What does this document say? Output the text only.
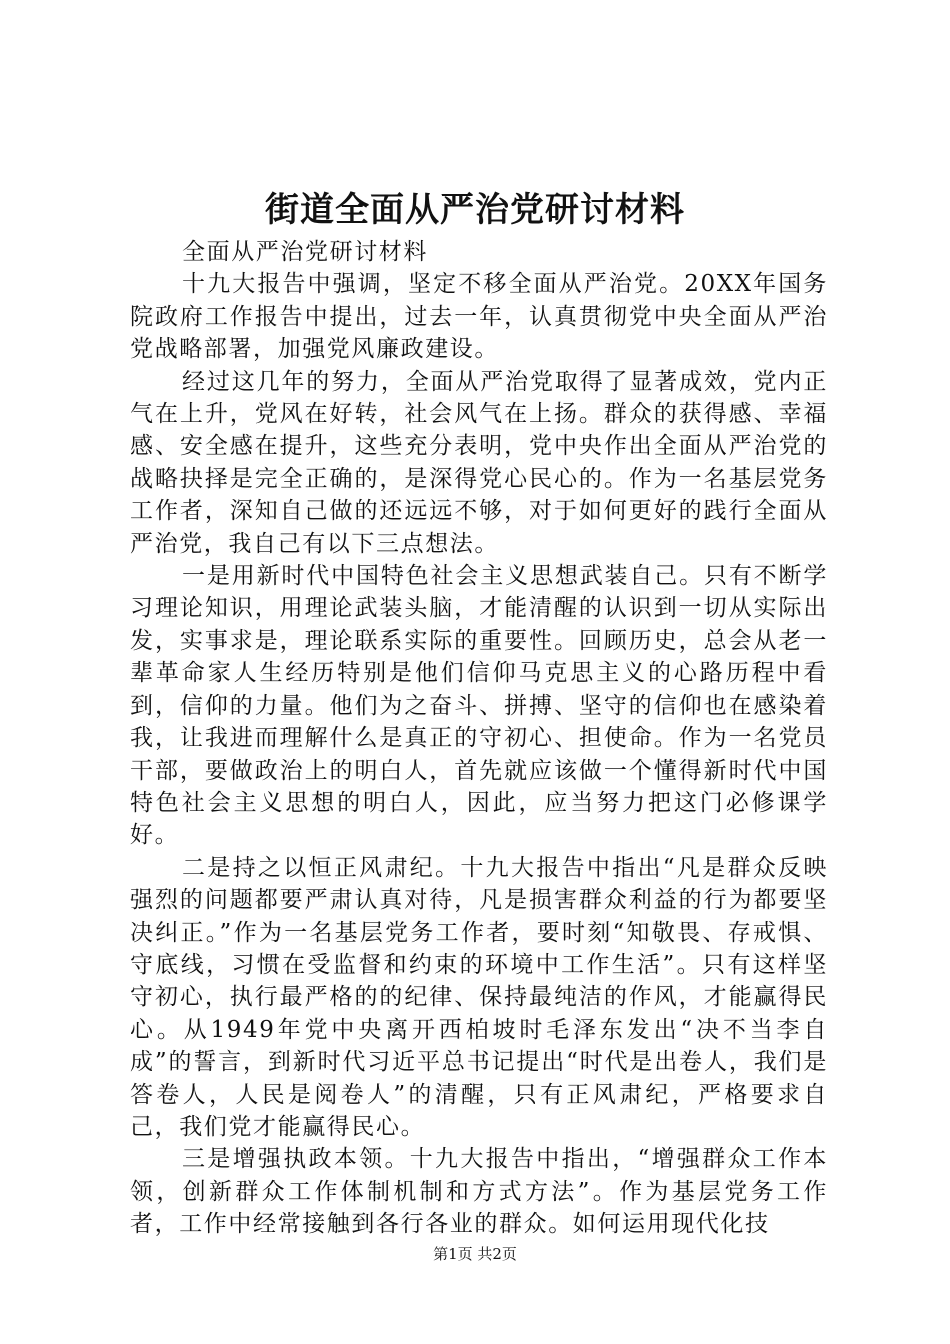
街道全面从严治党研讨材料

全面从严治党研讨材料

十九大报告中强调，坚定不移全面从严治党。20XX年国务院政府工作报告中提出，过去一年，认真贯彻党中央全面从严治党战略部署，加强党风廉政建设。

经过这几年的努力，全面从严治党取得了显著成效，党内正气在上升，党风在好转，社会风气在上扬。群众的获得感、幸福感、安全感在提升，这些充分表明，党中央作出全面从严治党的战略抉择是完全正确的，是深得党心民心的。作为一名基层党务工作者，深知自己做的还远远不够，对于如何更好的践行全面从严治党，我自己有以下三点想法。

一是用新时代中国特色社会主义思想武装自己。只有不断学习理论知识，用理论武装头脑，才能清醒的认识到一切从实际出发，实事求是，理论联系实际的重要性。回顾历史，总会从老一辈革命家人生经历特别是他们信仰马克思主义的心路历程中看到，信仰的力量。他们为之奋斗、拼搏、坚守的信仰也在感染着我，让我进而理解什么是真正的守初心、担使命。作为一名党员干部，要做政治上的明白人，首先就应该做一个懂得新时代中国特色社会主义思想的明白人，因此，应当努力把这门必修课学好。

二是持之以恒正风肃纪。十九大报告中指出“凡是群众反映强烈的问题都要严肃认真对待，凡是损害群众利益的行为都要坚决纠正。”作为一名基层党务工作者，要时刻“知敬畏、存戒惧、守底线，习惯在受监督和约束的环境中工作生活”。只有这样坚守初心，执行最严格的的纪律、保持最纯洁的作风，才能赢得民心。从1949年党中央离开西柏坡时毛泽东发出“决不当李自成”的誓言，到新时代习近平总书记提出“时代是出卷人，我们是答卷人，人民是阅卷人”的清醒，只有正风肃纪，严格要求自己，我们党才能赢得民心。

三是增强执政本领。十九大报告中指出，“增强群众工作本领，创新群众工作体制机制和方式方法”。作为基层党务工作者，工作中经常接触到各行各业的群众。如何运用现代化技

第1页 共2页
